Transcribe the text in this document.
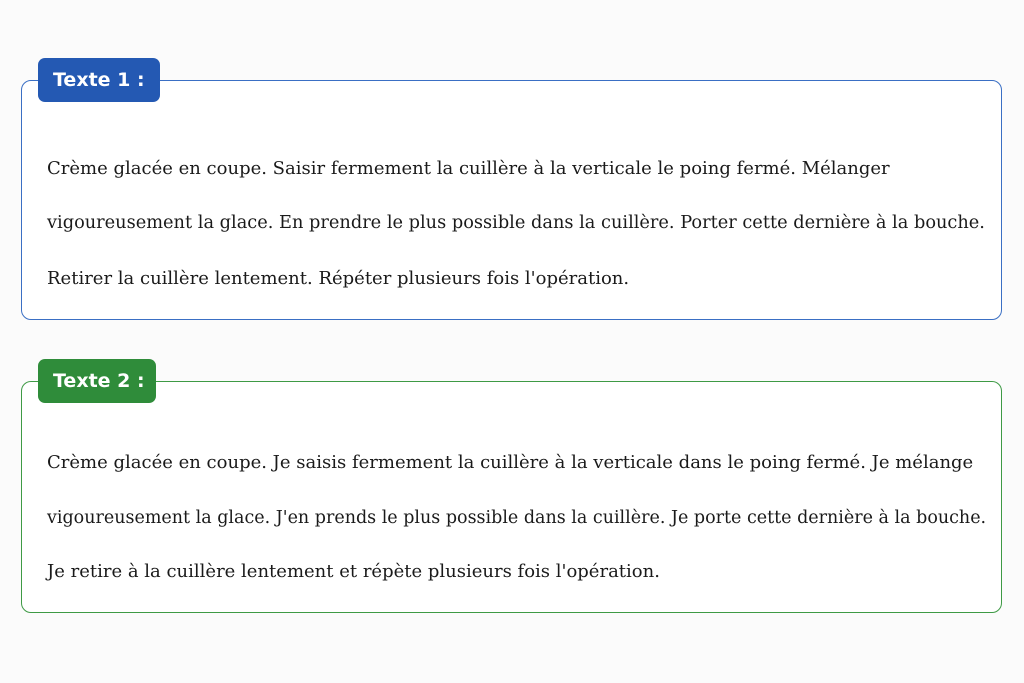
Texte 1 :

Crème glacée en coupe. Saisir fermement la cuillère à la verticale le poing fermé. Mélanger
vigoureusement la glace. En prendre le plus possible dans la cuillère. Porter cette dernière à la bouche.
Retirer la cuillère lentement. Répéter plusieurs fois l'opération.

Texte 2 :

Crème glacée en coupe. Je saisis fermement la cuillère à la verticale dans le poing fermé. Je mélange
vigoureusement la glace. J'en prends le plus possible dans la cuillère. Je porte cette dernière à la bouche.
Je retire à la cuillère lentement et répète plusieurs fois l'opération.
